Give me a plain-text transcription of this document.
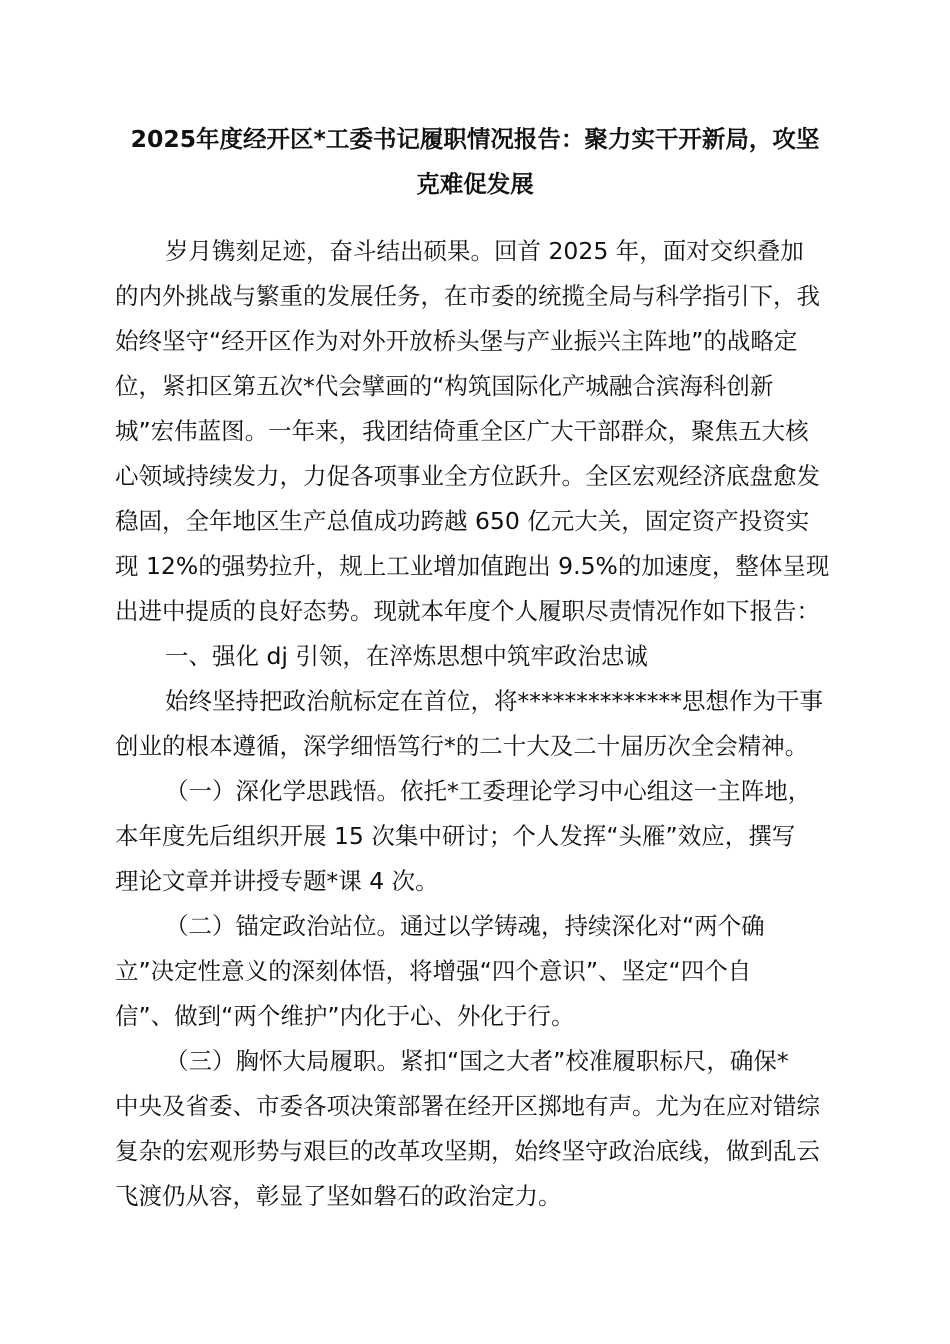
2025年度经开区*工委书记履职情况报告：聚力实干开新局，攻坚
克难促发展
岁月镌刻足迹，奋斗结出硕果。回首 2025 年，面对交织叠加
的内外挑战与繁重的发展任务，在市委的统揽全局与科学指引下，我
始终坚守“经开区作为对外开放桥头堡与产业振兴主阵地”的战略定
位，紧扣区第五次*代会擘画的“构筑国际化产城融合滨海科创新
城”宏伟蓝图。一年来，我团结倚重全区广大干部群众，聚焦五大核
心领域持续发力，力促各项事业全方位跃升。全区宏观经济底盘愈发
稳固，全年地区生产总值成功跨越 650 亿元大关，固定资产投资实
现 12%的强势拉升，规上工业增加值跑出 9.5%的加速度，整体呈现
出进中提质的良好态势。现就本年度个人履职尽责情况作如下报告：
一、强化 dj 引领，在淬炼思想中筑牢政治忠诚
始终坚持把政治航标定在首位，将**************思想作为干事
创业的根本遵循，深学细悟笃行*的二十大及二十届历次全会精神。
（一）深化学思践悟。依托*工委理论学习中心组这一主阵地，
本年度先后组织开展 15 次集中研讨；个人发挥“头雁”效应，撰写
理论文章并讲授专题*课 4 次。
（二）锚定政治站位。通过以学铸魂，持续深化对“两个确
立”决定性意义的深刻体悟，将增强“四个意识”、坚定“四个自
信”、做到“两个维护”内化于心、外化于行。
（三）胸怀大局履职。紧扣“国之大者”校准履职标尺，确保*
中央及省委、市委各项决策部署在经开区掷地有声。尤为在应对错综
复杂的宏观形势与艰巨的改革攻坚期，始终坚守政治底线，做到乱云
飞渡仍从容，彰显了坚如磐石的政治定力。
